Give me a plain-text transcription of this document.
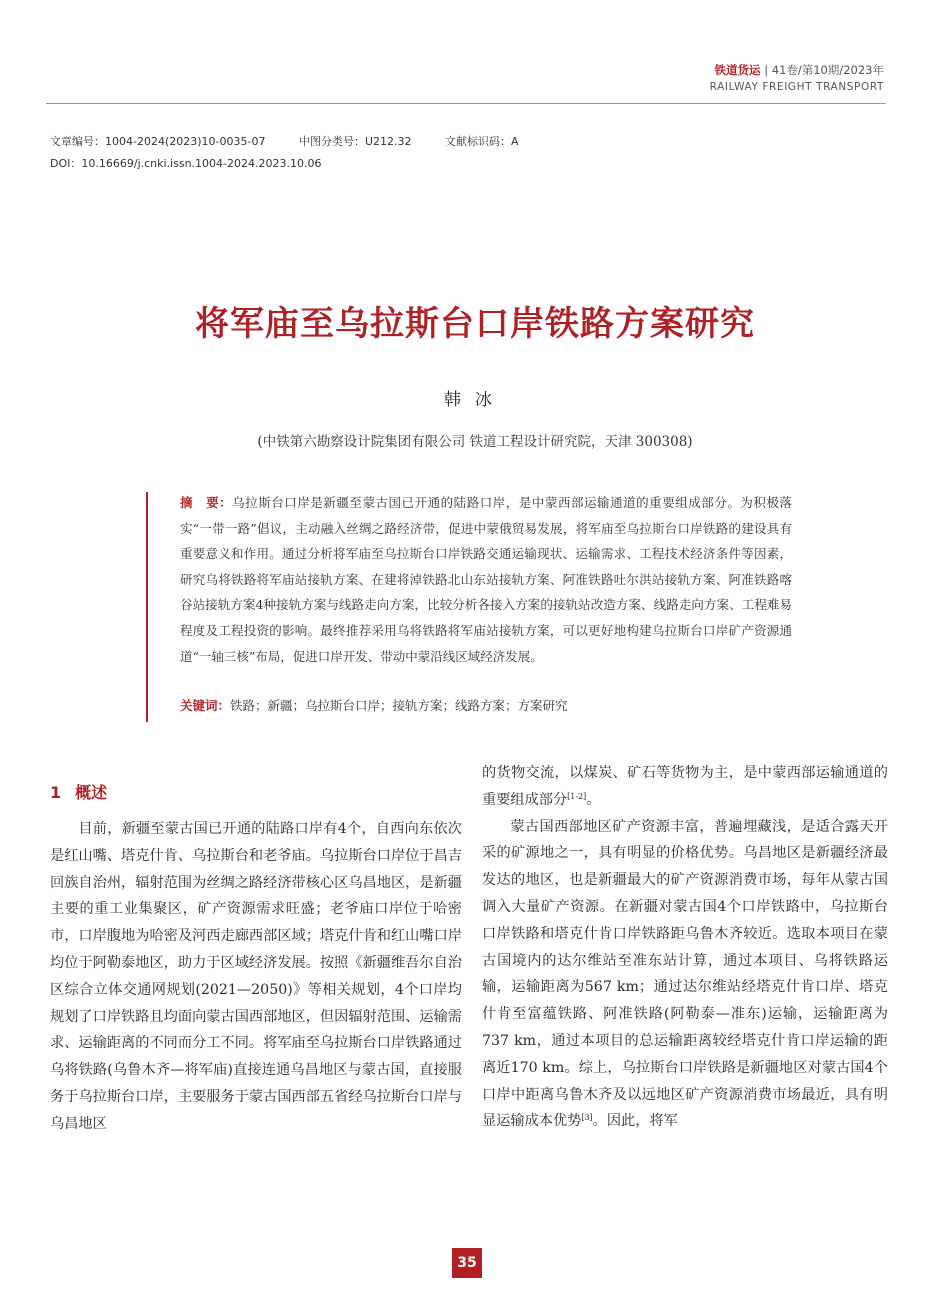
铁道货运 | 41卷/第10期/2023年
RAILWAY FREIGHT TRANSPORT
文章编号：1004-2024(2023)10-0035-07	中图分类号：U212.32	文献标识码：A
DOI：10.16669/j.cnki.issn.1004-2024.2023.10.06
将军庙至乌拉斯台口岸铁路方案研究
韩冰
(中铁第六勘察设计院集团有限公司 铁道工程设计研究院，天津 300308)
摘　要：乌拉斯台口岸是新疆至蒙古国已开通的陆路口岸，是中蒙西部运输通道的重要组成部分。为积极落实“一带一路”倡议，主动融入丝绸之路经济带，促进中蒙俄贸易发展，将军庙至乌拉斯台口岸铁路的建设具有重要意义和作用。通过分析将军庙至乌拉斯台口岸铁路交通运输现状、运输需求、工程技术经济条件等因素，研究乌将铁路将军庙站接轨方案、在建将淖铁路北山东站接轨方案、阿准铁路吐尔洪站接轨方案、阿准铁路喀谷站接轨方案4种接轨方案与线路走向方案，比较分析各接入方案的接轨站改造方案、线路走向方案、工程难易程度及工程投资的影响。最终推荐采用乌将铁路将军庙站接轨方案，可以更好地构建乌拉斯台口岸矿产资源通道“一轴三核”布局，促进口岸开发、带动中蒙沿线区域经济发展。
关键词：铁路；新疆；乌拉斯台口岸；接轨方案；线路方案；方案研究
1 概述

目前，新疆至蒙古国已开通的陆路口岸有4个，自西向东依次是红山嘴、塔克什肯、乌拉斯台和老爷庙。乌拉斯台口岸位于昌吉回族自治州，辐射范围为丝绸之路经济带核心区乌昌地区，是新疆主要的重工业集聚区，矿产资源需求旺盛；老爷庙口岸位于哈密市，口岸腹地为哈密及河西走廊西部区域；塔克什肯和红山嘴口岸均位于阿勒泰地区，助力于区域经济发展。按照《新疆维吾尔自治区综合立体交通网规划(2021—2050)》等相关规划，4个口岸均规划了口岸铁路且均面向蒙古国西部地区，但因辐射范围、运输需求、运输距离的不同而分工不同。将军庙至乌拉斯台口岸铁路通过乌将铁路(乌鲁木齐—将军庙)直接连通乌昌地区与蒙古国，直接服务于乌拉斯台口岸，主要服务于蒙古国西部五省经乌拉斯台口岸与乌昌地区

的货物交流，以煤炭、矿石等货物为主，是中蒙西部运输通道的重要组成部分[1-2]。

蒙古国西部地区矿产资源丰富，普遍埋藏浅，是适合露天开采的矿源地之一，具有明显的价格优势。乌昌地区是新疆经济最发达的地区，也是新疆最大的矿产资源消费市场，每年从蒙古国调入大量矿产资源。在新疆对蒙古国4个口岸铁路中，乌拉斯台口岸铁路和塔克什肯口岸铁路距乌鲁木齐较近。选取本项目在蒙古国境内的达尔维站至准东站计算，通过本项目、乌将铁路运输，运输距离为567 km；通过达尔维站经塔克什肯口岸、塔克什肯至富蕴铁路、阿准铁路(阿勒泰—准东)运输，运输距离为737 km，通过本项目的总运输距离较经塔克什肯口岸运输的距离近170 km。综上，乌拉斯台口岸铁路是新疆地区对蒙古国4个口岸中距离乌鲁木齐及以远地区矿产资源消费市场最近，具有明显运输成本优势[3]。因此，将军

35
